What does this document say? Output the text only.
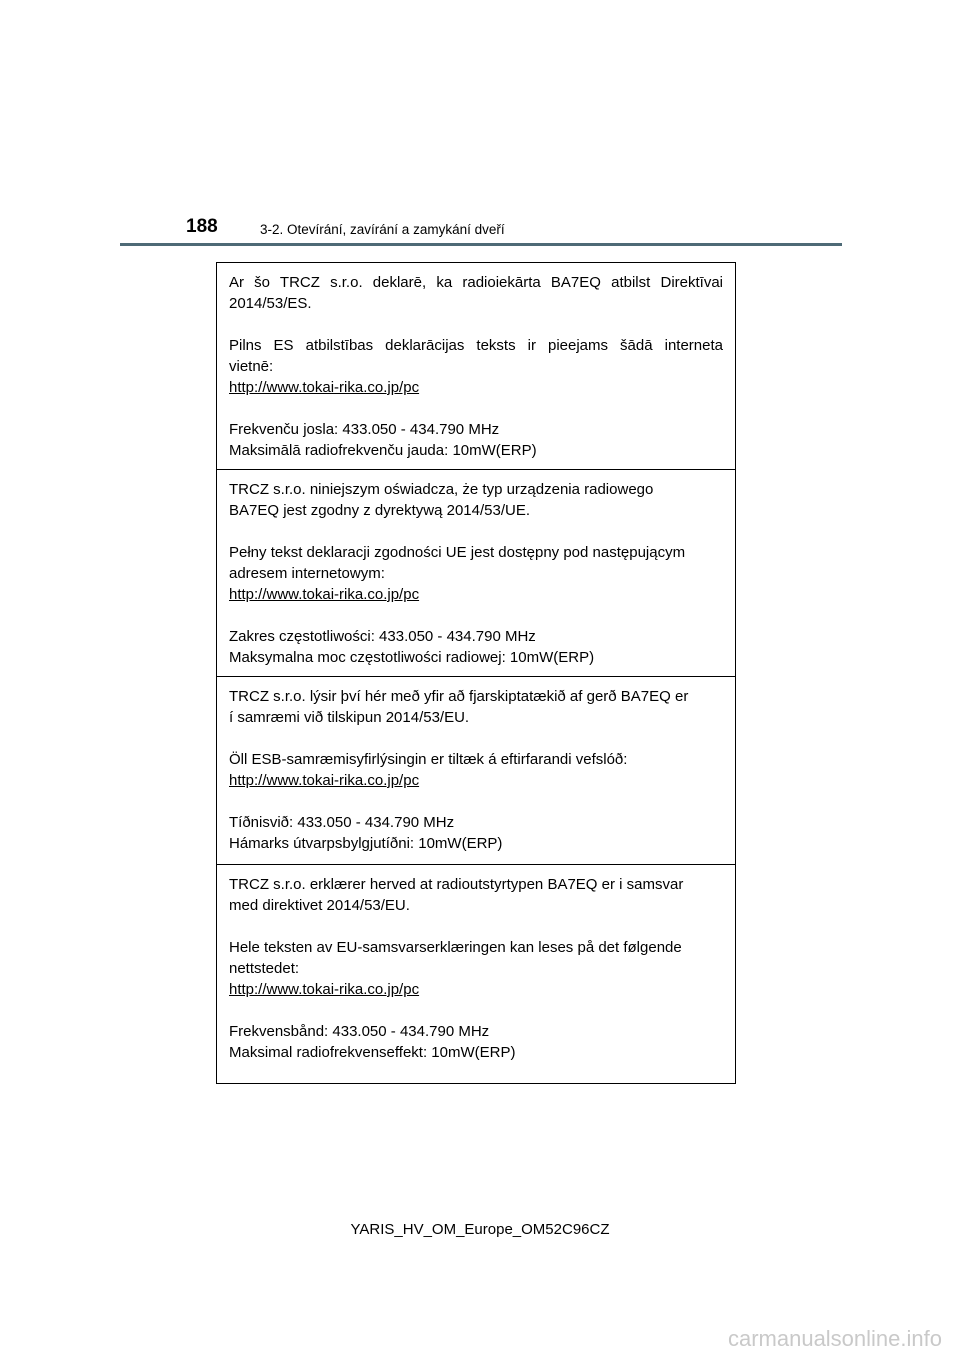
188	3-2. Otevírání, zavírání a zamykání dveří

Ar šo TRCZ s.r.o. deklarē, ka radioiekārta BA7EQ atbilst Direktīvai

2014/53/ES.

Pilns ES atbilstības deklarācijas teksts ir pieejams šādā interneta

vietnē:

http://www.tokai-rika.co.jp/pc

Frekvenču josla: 433.050 - 434.790 MHz

Maksimālā radiofrekvenču jauda: 10mW(ERP)

TRCZ s.r.o. niniejszym oświadcza, że typ urządzenia radiowego

BA7EQ jest zgodny z dyrektywą 2014/53/UE.

Pełny tekst deklaracji zgodności UE jest dostępny pod następującym

adresem internetowym:

http://www.tokai-rika.co.jp/pc

Zakres częstotliwości: 433.050 - 434.790 MHz

Maksymalna moc częstotliwości radiowej: 10mW(ERP)

TRCZ s.r.o. lýsir því hér með yfir að fjarskiptatækið af gerð BA7EQ er

í samræmi við tilskipun 2014/53/EU.

Öll ESB-samræmisyfirlýsingin er tiltæk á eftirfarandi vefslóð:

http://www.tokai-rika.co.jp/pc

Tíðnisvið: 433.050 - 434.790 MHz

Hámarks útvarpsbylgjutíðni: 10mW(ERP)

TRCZ s.r.o. erklærer herved at radioutstyrtypen BA7EQ er i samsvar

med direktivet 2014/53/EU.

Hele teksten av EU-samsvarserklæringen kan leses på det følgende

nettstedet:

http://www.tokai-rika.co.jp/pc

Frekvensbånd: 433.050 - 434.790 MHz

Maksimal radiofrekvenseffekt: 10mW(ERP)

YARIS_HV_OM_Europe_OM52C96CZ
carmanualsonline.info
